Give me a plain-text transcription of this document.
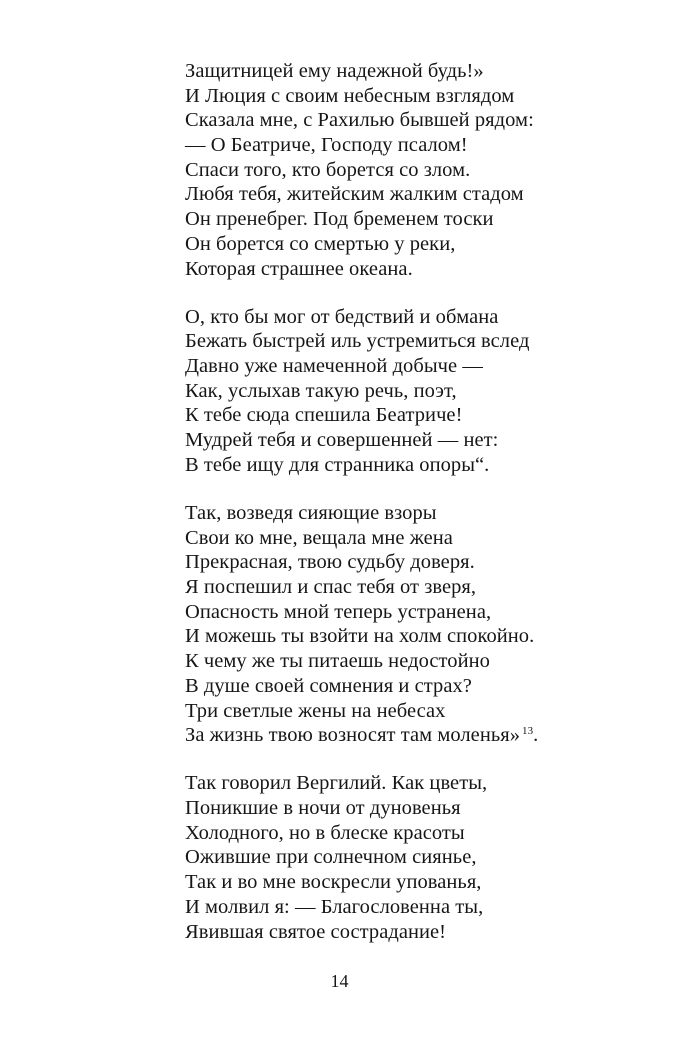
Защитницей ему надежной будь!»
И Люция с своим небесным взглядом
Сказала мне, с Рахилью бывшей рядом:
— О Беатриче, Господу псалом!
Спаси того, кто борется со злом.
Любя тебя, житейским жалким стадом
Он пренебрег. Под бременем тоски
Он борется со смертью у реки,
Которая страшнее океана.
О, кто бы мог от бедствий и обмана
Бежать быстрей иль устремиться вслед
Давно уже намеченной добыче —
Как, услыхав такую речь, поэт,
К тебе сюда спешила Беатриче!
Мудрей тебя и совершенней — нет:
В тебе ищу для странника опоры“.
Так, возведя сияющие взоры
Свои ко мне, вещала мне жена
Прекрасная, твою судьбу доверя.
Я поспешил и спас тебя от зверя,
Опасность мной теперь устранена,
И можешь ты взойти на холм спокойно.
К чему же ты питаешь недостойно
В душе своей сомнения и страх?
Три светлые жены на небесах
За жизнь твою возносят там моленья» $^{13}$.
Так говорил Вергилий. Как цветы,
Поникшие в ночи от дуновенья
Холодного, но в блеске красоты
Ожившие при солнечном сиянье,
Так и во мне воскресли упованья,
И молвил я: — Благословенна ты,
Явившая святое сострадание!
14
